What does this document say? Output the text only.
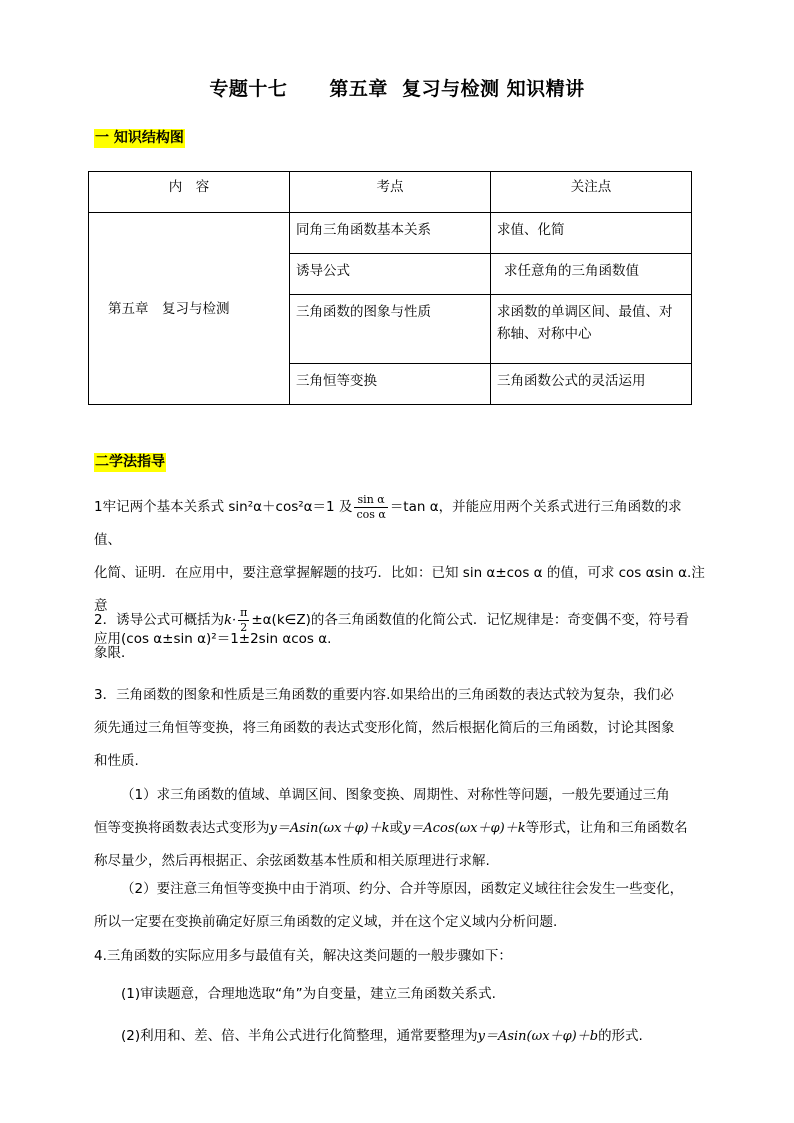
专题十七 第五章 复习与检测 知识精讲
一 知识结构图
内　容	考点	关注点

第五章　复习与检测	同角三角函数基本关系	求值、化简

	诱导公式	求任意角的三角函数值

	三角函数的图象与性质	求函数的单调区间、最值、对称轴、对称中心

	三角恒等变换	三角函数公式的灵活运用
二学法指导
1牢记两个基本关系式 sin²α＋cos²α＝1 及 $\frac{\text{sin α}}{\text{cos α}} =\tan$ α，并能应用两个关系式进行三角函数的求值、
化简、证明．在应用中，要注意掌握解题的技巧．比如：已知 sin α±cos α 的值，可求 cos αsin α.注意
应用(cos α±sin α)²＝1±2sin αcos α.
2．诱导公式可概括为$k\cdot \frac{\pi}{2}$ ±α(k∈Z)的各三角函数值的化简公式．记忆规律是：奇变偶不变，符号看
象限．
3．三角函数的图象和性质是三角函数的重要内容.如果给出的三角函数的表达式较为复杂，我们必
须先通过三角恒等变换，将三角函数的表达式变形化简，然后根据化简后的三角函数，讨论其图象
和性质.
（1）求三角函数的值域、单调区间、图象变换、周期性、对称性等问题，一般先要通过三角
恒等变换将函数表达式变形为y＝Asin(ωx＋φ)＋k或y＝Acos(ωx＋φ)＋k等形式，让角和三角函数名
称尽量少，然后再根据正、余弦函数基本性质和相关原理进行求解.
（2）要注意三角恒等变换中由于消项、约分、合并等原因，函数定义域往往会发生一些变化，
所以一定要在变换前确定好原三角函数的定义域，并在这个定义域内分析问题.
4.三角函数的实际应用多与最值有关，解决这类问题的一般步骤如下：
(1)审读题意，合理地选取“角”为自变量，建立三角函数关系式.
(2)利用和、差、倍、半角公式进行化简整理，通常要整理为y＝Asin(ωx＋φ)＋b的形式.
